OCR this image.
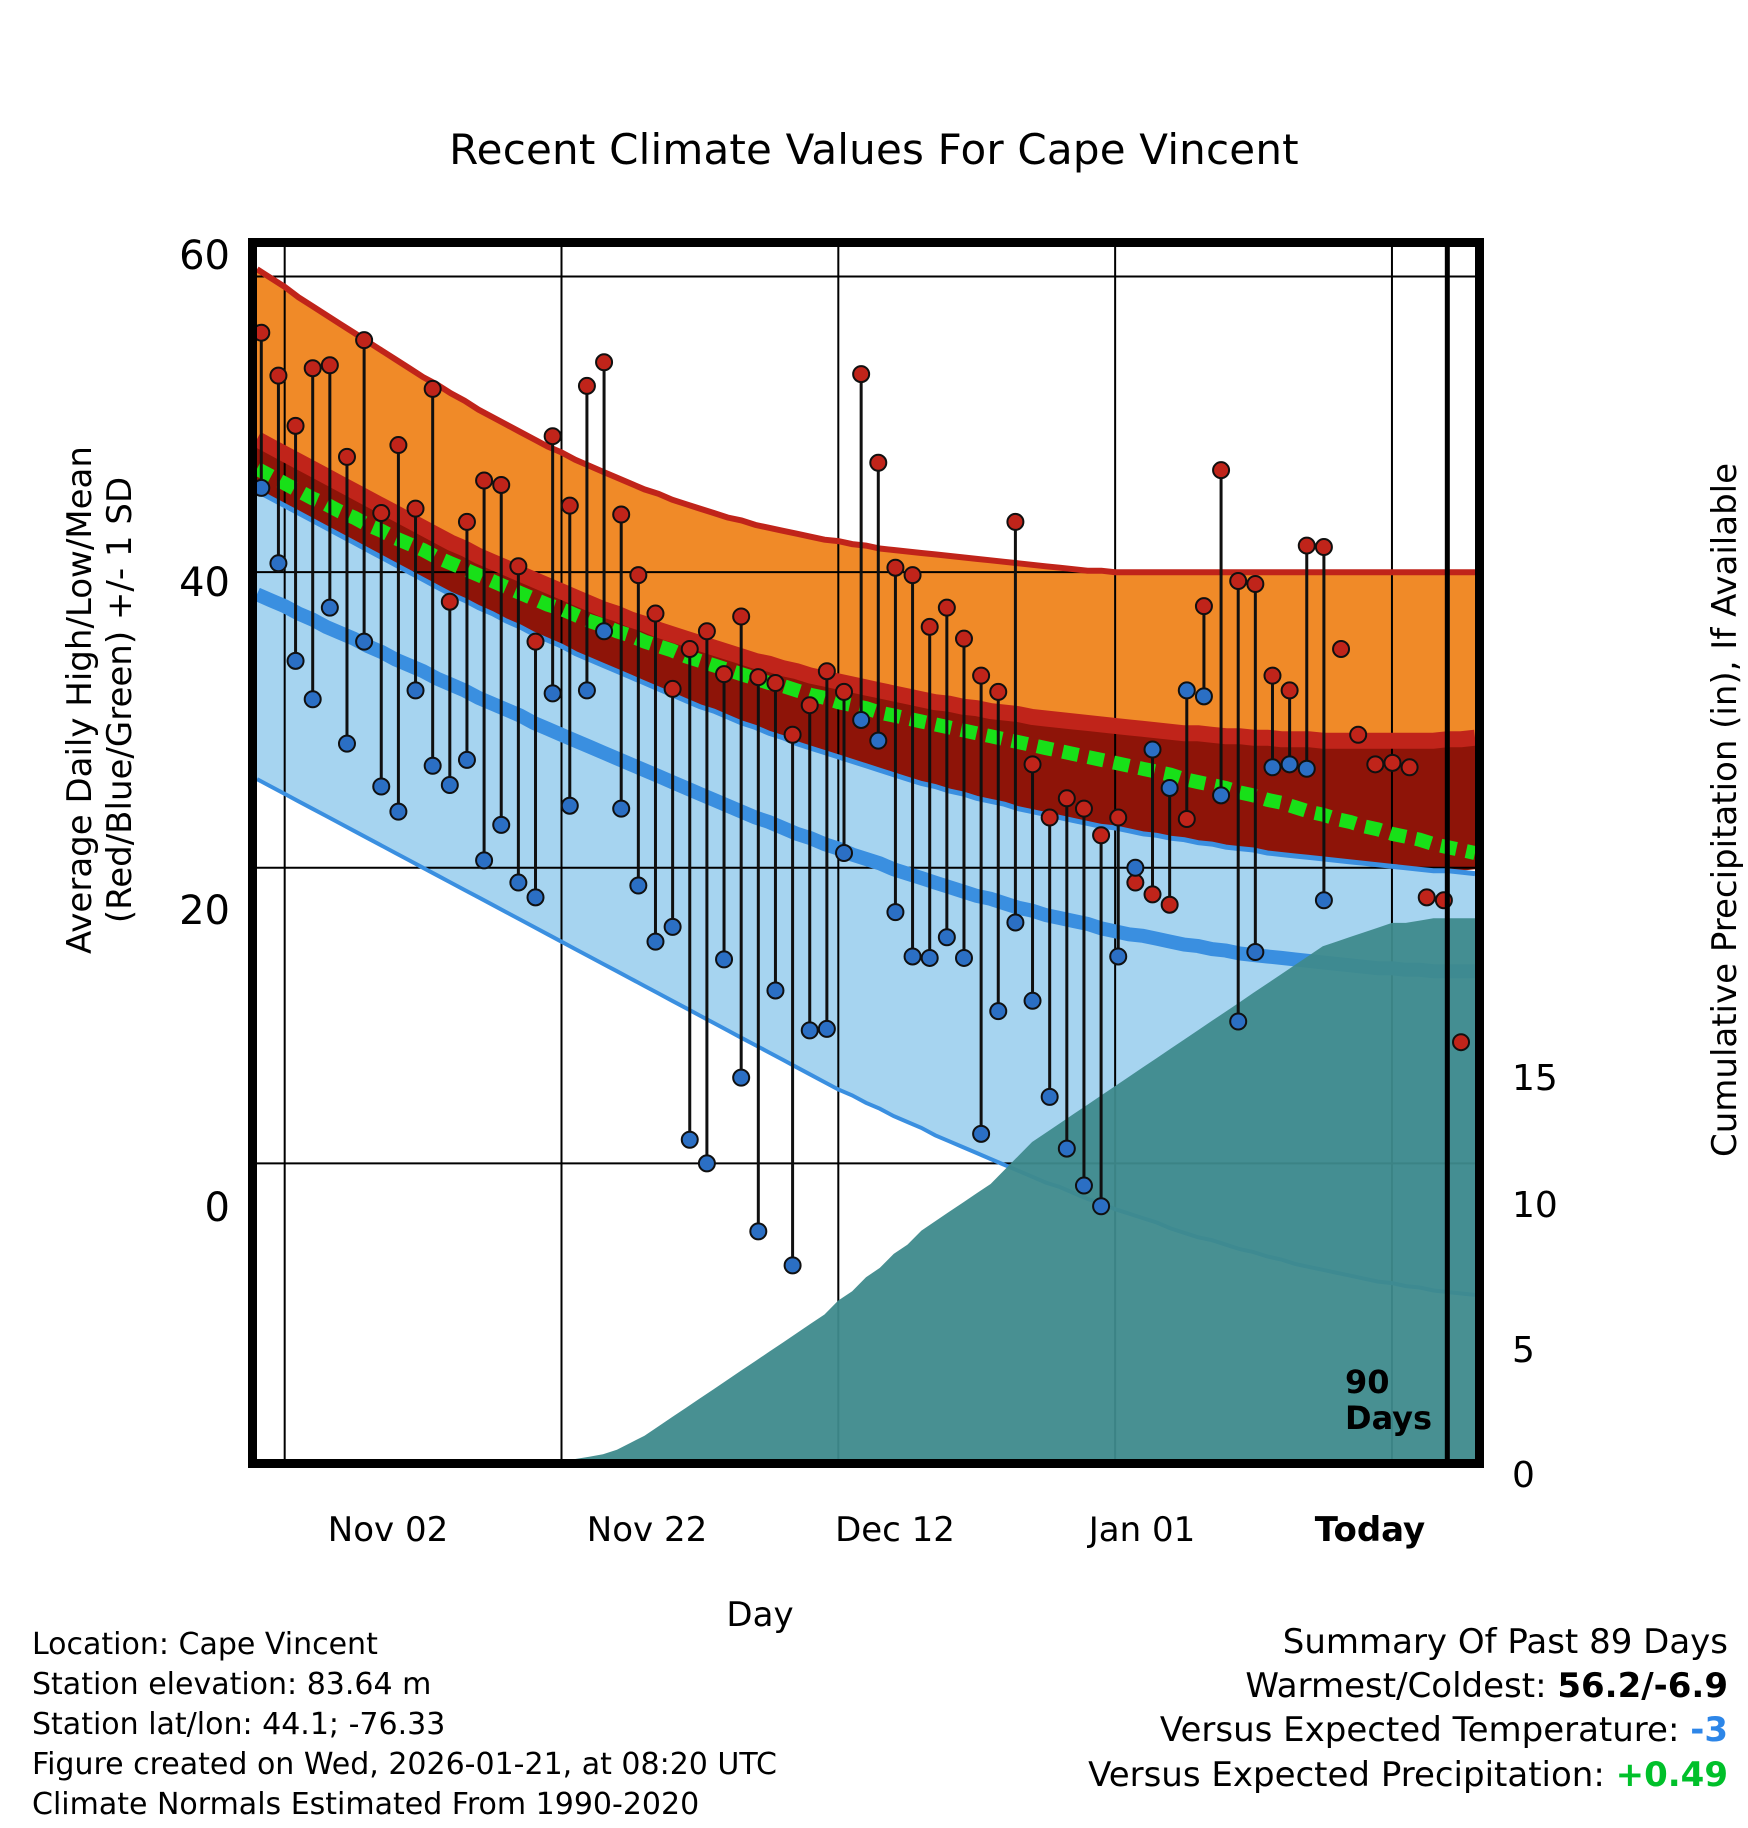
Recent Climate Values For Cape Vincent
Average Daily High/Low/Mean (Red/Blue/Green) +/- 1 SD	Cumulative Precipitation (in), If Available
Day
60
40
20
0
15
10
5
0
Nov 02	Nov 22	Dec 12	Jan 01	Today
90
Days
Location: Cape Vincent
Station elevation: 83.64 m
Station lat/lon: 44.1; -76.33
Figure created on Wed, 2026-01-21, at 08:20 UTC
Climate Normals Estimated From 1990-2020
Summary Of Past 89 Days
Warmest/Coldest: 56.2/-6.9
Versus Expected Temperature: -3
Versus Expected Precipitation: +0.49
